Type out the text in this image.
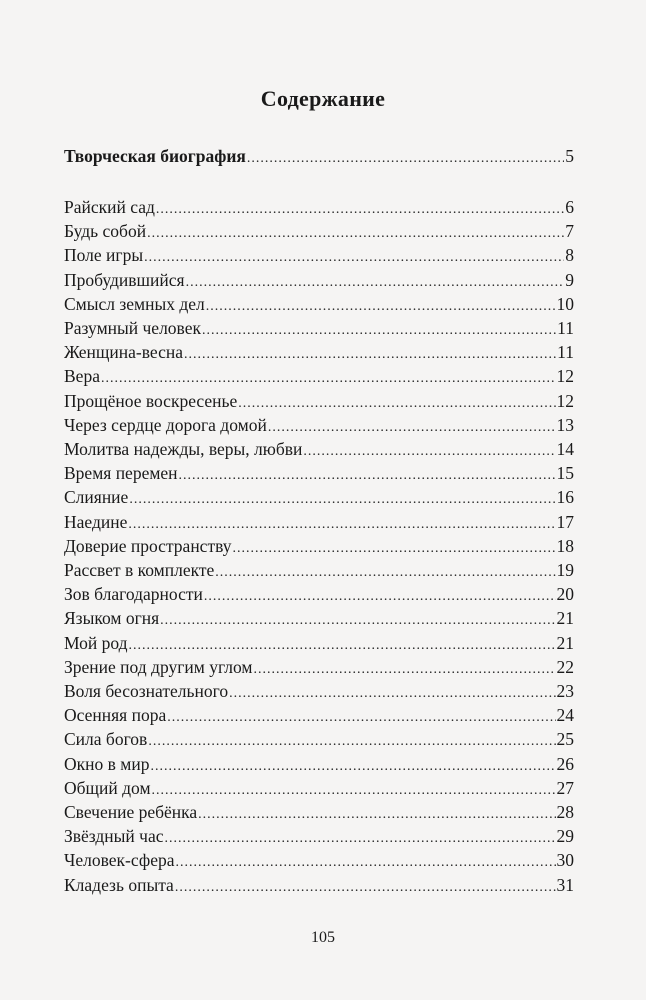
Содержание
Творческая биография .....	5
Райский сад .....	6
Будь собой .....	7
Поле игры .....	8
Пробудившийся .....	9
Смысл земных дел .....	10
Разумный человек .....	11
Женщина-весна .....	11
Вера .....	12
Прощёное воскресенье .....	12
Через сердце дорога домой .....	13
Молитва надежды, веры, любви .....	14
Время перемен .....	15
Слияние .....	16
Наедине .....	17
Доверие пространству .....	18
Рассвет в комплекте .....	19
Зов благодарности .....	20
Языком огня .....	21
Мой род .....	21
Зрение под другим углом .....	22
Воля бесознательного .....	23
Осенняя пора .....	24
Сила богов .....	25
Окно в мир .....	26
Общий дом .....	27
Свечение ребёнка .....	28
Звёздный час .....	29
Человек-сфера .....	30
Кладезь опыта .....	31
105
